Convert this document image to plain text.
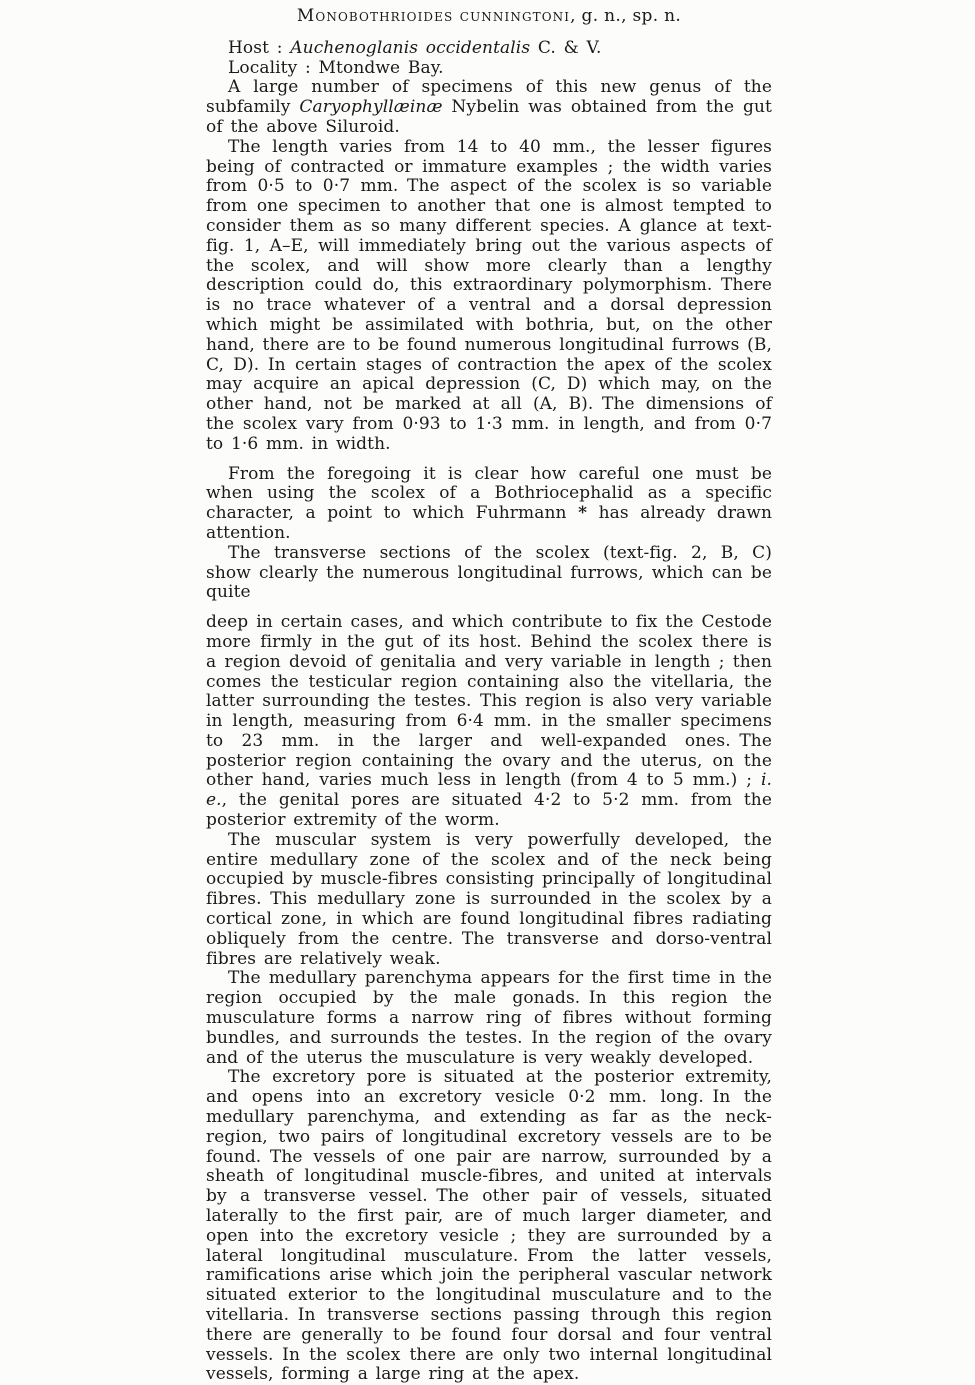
Monobothrioides cunningtoni, g. n., sp. n.

Host : Auchenoglanis occidentalis C. & V.

Locality : Mtondwe Bay.

A large number of specimens of this new genus of the subfamily Caryophyllæinæ Nybelin was obtained from the gut of the above Siluroid.

The length varies from 14 to 40 mm., the lesser figures being of contracted or immature examples ; the width varies from 0·5 to 0·7 mm. The aspect of the scolex is so variable from one specimen to another that one is almost tempted to consider them as so many different species. A glance at text-fig. 1, A–E, will immediately bring out the various aspects of the scolex, and will show more clearly than a lengthy description could do, this extraordinary polymorphism. There is no trace whatever of a ventral and a dorsal depression which might be assimilated with bothria, but, on the other hand, there are to be found numerous longitudinal furrows (B, C, D). In certain stages of contraction the apex of the scolex may acquire an apical depression (C, D) which may, on the other hand, not be marked at all (A, B). The dimensions of the scolex vary from 0·93 to 1·3 mm. in length, and from 0·7 to 1·6 mm. in width.

From the foregoing it is clear how careful one must be when using the scolex of a Bothriocephalid as a specific character, a point to which Fuhrmann * has already drawn attention.

The transverse sections of the scolex (text-fig. 2, B, C) show clearly the numerous longitudinal furrows, which can be quite

deep in certain cases, and which contribute to fix the Cestode more firmly in the gut of its host. Behind the scolex there is a region devoid of genitalia and very variable in length ; then comes the testicular region containing also the vitellaria, the latter surrounding the testes. This region is also very variable in length, measuring from 6·4 mm. in the smaller specimens to 23 mm. in the larger and well-expanded ones. The posterior region containing the ovary and the uterus, on the other hand, varies much less in length (from 4 to 5 mm.) ; i. e., the genital pores are situated 4·2 to 5·2 mm. from the posterior extremity of the worm.

The muscular system is very powerfully developed, the entire medullary zone of the scolex and of the neck being occupied by muscle-fibres consisting principally of longitudinal fibres. This medullary zone is surrounded in the scolex by a cortical zone, in which are found longitudinal fibres radiating obliquely from the centre. The transverse and dorso-ventral fibres are relatively weak.

The medullary parenchyma appears for the first time in the region occupied by the male gonads. In this region the musculature forms a narrow ring of fibres without forming bundles, and surrounds the testes. In the region of the ovary and of the uterus the musculature is very weakly developed.

The excretory pore is situated at the posterior extremity, and opens into an excretory vesicle 0·2 mm. long. In the medullary parenchyma, and extending as far as the neck-region, two pairs of longitudinal excretory vessels are to be found. The vessels of one pair are narrow, surrounded by a sheath of longitudinal muscle-fibres, and united at intervals by a transverse vessel. The other pair of vessels, situated laterally to the first pair, are of much larger diameter, and open into the excretory vesicle ; they are surrounded by a lateral longitudinal musculature. From the latter vessels, ramifications arise which join the peripheral vascular network situated exterior to the longitudinal musculature and to the vitellaria. In transverse sections passing through this region there are generally to be found four dorsal and four ventral vessels. In the scolex there are only two internal longitudinal vessels, forming a large ring at the apex.
